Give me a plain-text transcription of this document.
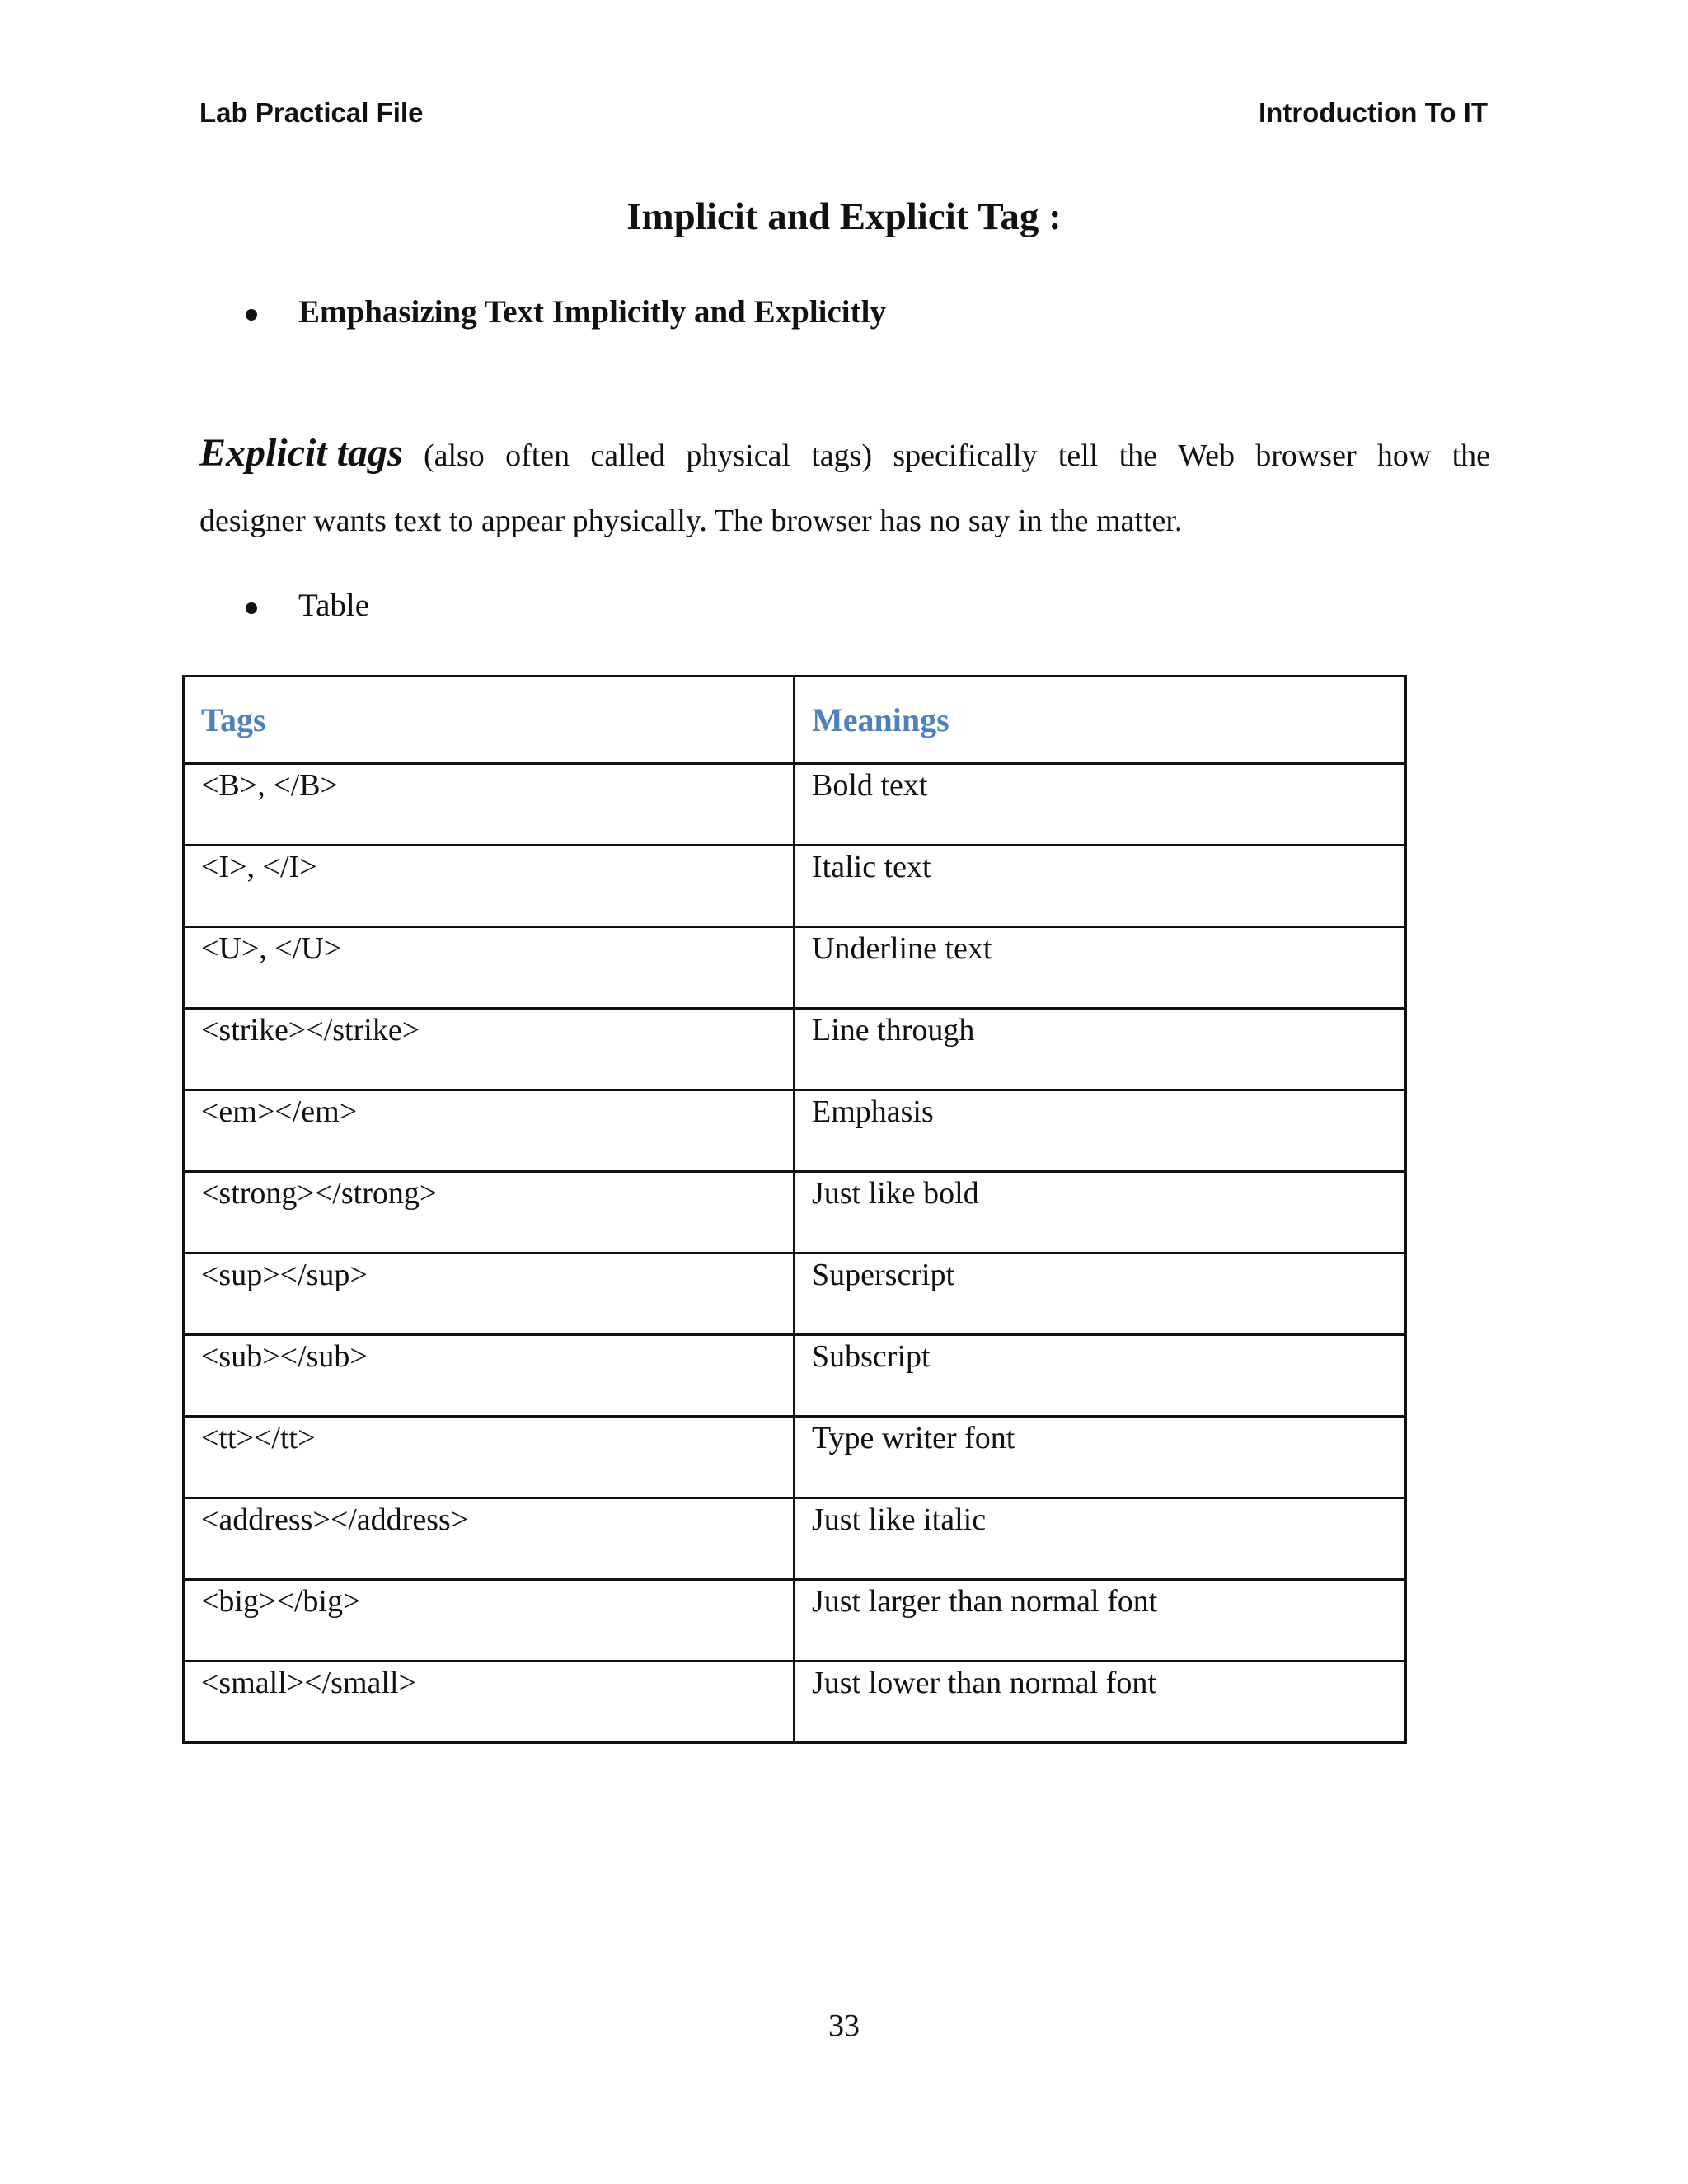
Lab Practical File	Introduction To IT
Implicit and Explicit Tag :
Emphasizing Text Implicitly and Explicitly
Explicit tags (also often called physical tags) specifically tell the Web browser how the
designer wants text to appear physically. The browser has no say in the matter.
Table
Tags	Meanings
<B>, </B>	Bold text
<I>, </I>	Italic text
<U>, </U>	Underline text
<strike></strike>	Line through
<em></em>	Emphasis
<strong></strong>	Just like bold
<sup></sup>	Superscript
<sub></sub>	Subscript
<tt></tt>	Type writer font
<address></address>	Just like italic
<big></big>	Just larger than normal font
<small></small>	Just lower than normal font
33
